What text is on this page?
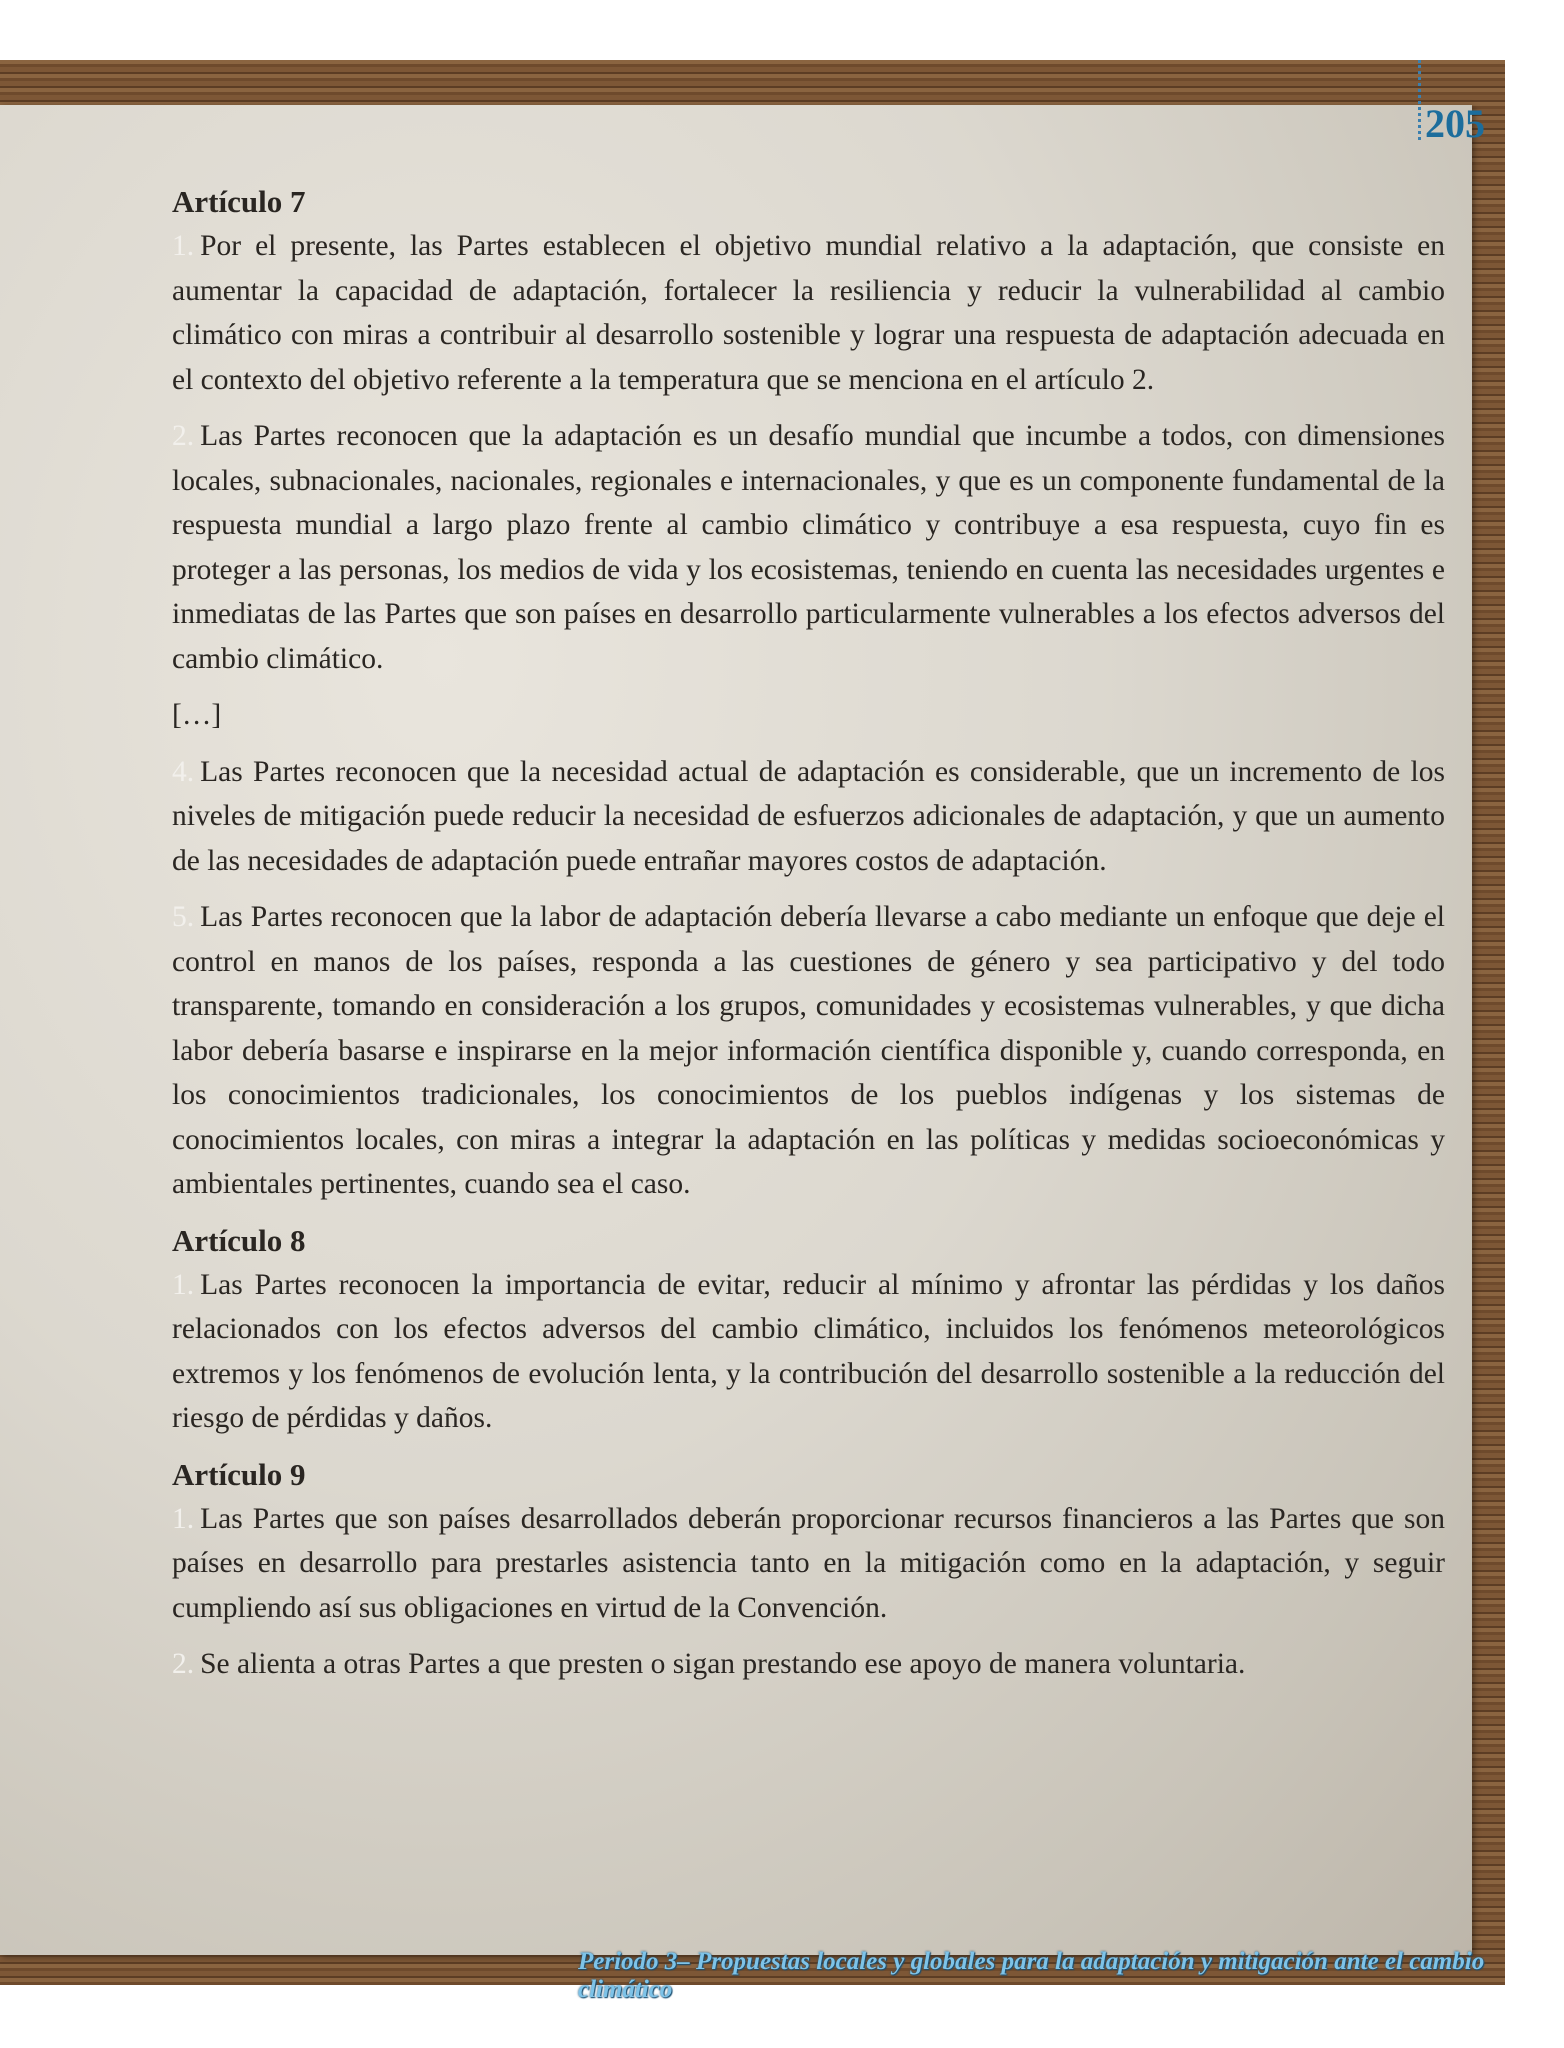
205
Artículo 7

1. Por el presente, las Partes establecen el objetivo mundial relativo a la adaptación, que consiste en aumentar la capacidad de adaptación, fortalecer la resiliencia y reducir la vulnerabilidad al cambio climático con miras a contribuir al desarrollo sostenible y lograr una respuesta de adaptación adecuada en el contexto del objetivo referente a la temperatura que se menciona en el artículo 2.

2. Las Partes reconocen que la adaptación es un desafío mundial que incumbe a todos, con dimensiones locales, subnacionales, nacionales, regionales e internacionales, y que es un componente fundamental de la respuesta mundial a largo plazo frente al cambio climático y contribuye a esa respuesta, cuyo fin es proteger a las personas, los medios de vida y los ecosistemas, teniendo en cuenta las necesidades urgentes e inmediatas de las Partes que son países en desarrollo particularmente vulnerables a los efectos adversos del cambio climático.

[…]

4. Las Partes reconocen que la necesidad actual de adaptación es considerable, que un incremento de los niveles de mitigación puede reducir la necesidad de esfuerzos adicionales de adaptación, y que un aumento de las necesidades de adaptación puede entrañar mayores costos de adaptación.

5. Las Partes reconocen que la labor de adaptación debería llevarse a cabo mediante un enfoque que deje el control en manos de los países, responda a las cuestiones de género y sea participativo y del todo transparente, tomando en consideración a los grupos, comunidades y ecosistemas vulnerables, y que dicha labor debería basarse e inspirarse en la mejor información científica disponible y, cuando corresponda, en los conocimientos tradicionales, los conocimientos de los pueblos indígenas y los sistemas de conocimientos locales, con miras a integrar la adaptación en las políticas y medidas socioeconómicas y ambientales pertinentes, cuando sea el caso.

Artículo 8

1. Las Partes reconocen la importancia de evitar, reducir al mínimo y afrontar las pérdidas y los daños relacionados con los efectos adversos del cambio climático, incluidos los fenómenos meteorológicos extremos y los fenómenos de evolución lenta, y la contribución del desarrollo sostenible a la reducción del riesgo de pérdidas y daños.

Artículo 9

1. Las Partes que son países desarrollados deberán proporcionar recursos financieros a las Partes que son países en desarrollo para prestarles asistencia tanto en la mitigación como en la adaptación, y seguir cumpliendo así sus obligaciones en virtud de la Convención.

2. Se alienta a otras Partes a que presten o sigan prestando ese apoyo de manera voluntaria.

Periodo 3– Propuestas locales y globales para la adaptación y mitigación ante el cambio climático
